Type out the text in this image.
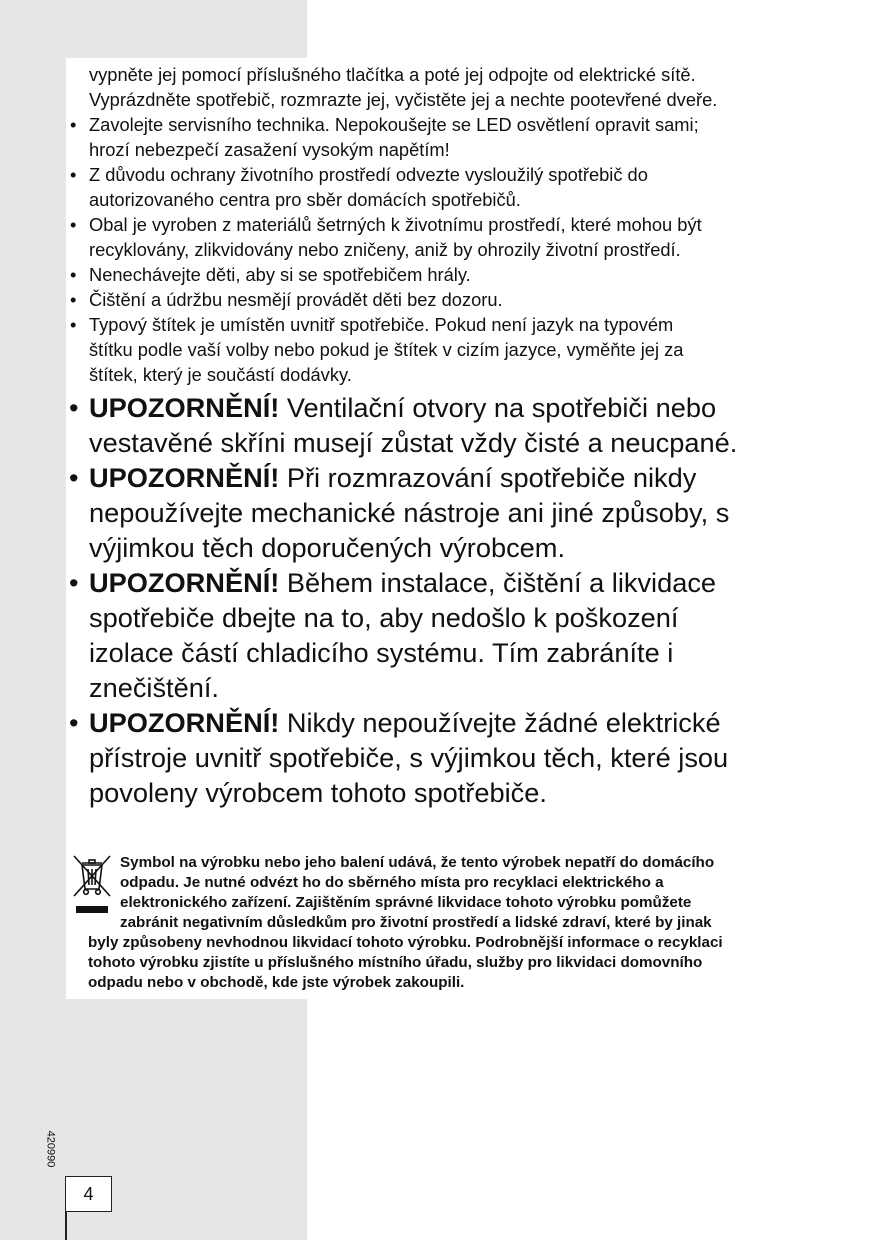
vypněte jej pomocí příslušného tlačítka a poté jej odpojte od elektrické sítě.
Vyprázdněte spotřebič, rozmrazte jej, vyčistěte jej a nechte pootevřené dveře.

• Zavolejte servisního technika. Nepokoušejte se LED osvětlení opravit sami;
hrozí nebezpečí zasažení vysokým napětím!
• Z důvodu ochrany životního prostředí odvezte vysloužilý spotřebič do
autorizovaného centra pro sběr domácích spotřebičů.
• Obal je vyroben z materiálů šetrných k životnímu prostředí, které mohou být
recyklovány, zlikvidovány nebo zničeny, aniž by ohrozily životní prostředí.
• Nenechávejte děti, aby si se spotřebičem hrály.
• Čištění a údržbu nesmějí provádět děti bez dozoru.
• Typový štítek je umístěn uvnitř spotřebiče. Pokud není jazyk na typovém
štítku podle vaší volby nebo pokud je štítek v cizím jazyce, vyměňte jej za
štítek, který je součástí dodávky.
• UPOZORNĚNÍ! Ventilační otvory na spotřebiči nebo
vestavěné skříni musejí zůstat vždy čisté a neucpané.
• UPOZORNĚNÍ! Při rozmrazování spotřebiče nikdy
nepoužívejte mechanické nástroje ani jiné způsoby, s
výjimkou těch doporučených výrobcem.
• UPOZORNĚNÍ! Během instalace, čištění a likvidace
spotřebiče dbejte na to, aby nedošlo k poškození
izolace částí chladicího systému. Tím zabráníte i
znečištění.
• UPOZORNĚNÍ! Nikdy nepoužívejte žádné elektrické
přístroje uvnitř spotřebiče, s výjimkou těch, které jsou
povoleny výrobcem tohoto spotřebiče.

Symbol na výrobku nebo jeho balení udává, že tento výrobek nepatří do domácího
odpadu. Je nutné odvézt ho do sběrného místa pro recyklaci elektrického a
elektronického zařízení. Zajištěním správné likvidace tohoto výrobku pomůžete
zabránit negativním důsledkům pro životní prostředí a lidské zdraví, které by jinak
byly způsobeny nevhodnou likvidací tohoto výrobku. Podrobnější informace o recyklaci
tohoto výrobku zjistíte u příslušného místního úřadu, služby pro likvidaci domovního
odpadu nebo v obchodě, kde jste výrobek zakoupili.

420990
4
